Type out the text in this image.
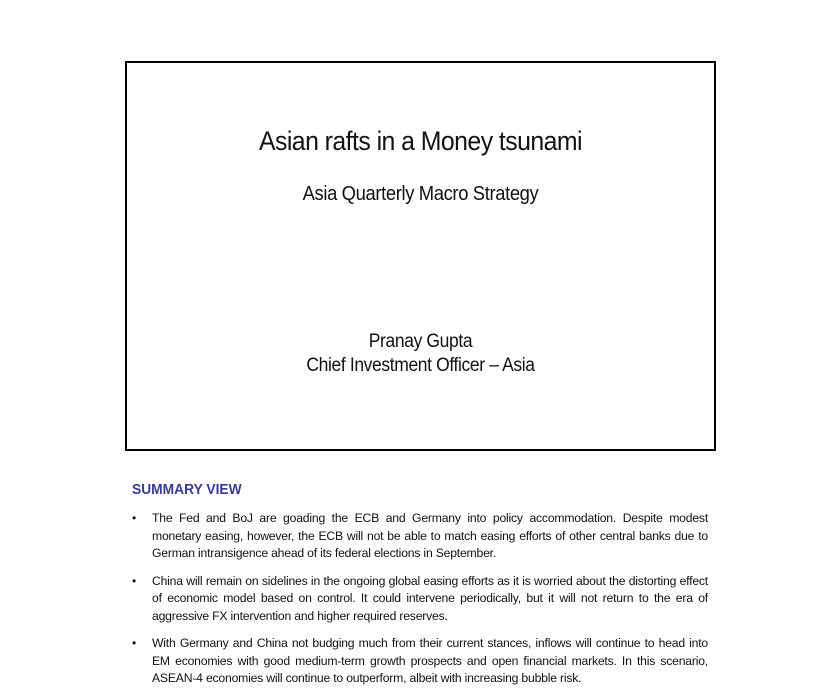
Asian rafts in a Money tsunami
Asia Quarterly Macro Strategy
Pranay Gupta
Chief Investment Officer – Asia
SUMMARY VIEW
• The Fed and BoJ are goading the ECB and Germany into policy accommodation. Despite modest monetary easing, however, the ECB will not be able to match easing efforts of other central banks due to German intransigence ahead of its federal elections in September.
• China will remain on sidelines in the ongoing global easing efforts as it is worried about the distorting effect of economic model based on control. It could intervene periodically, but it will not return to the era of aggressive FX intervention and higher required reserves.
• With Germany and China not budging much from their current stances, inflows will continue to head into EM economies with good medium-term growth prospects and open financial markets. In this scenario, ASEAN-4 economies will continue to outperform, albeit with increasing bubble risk.
